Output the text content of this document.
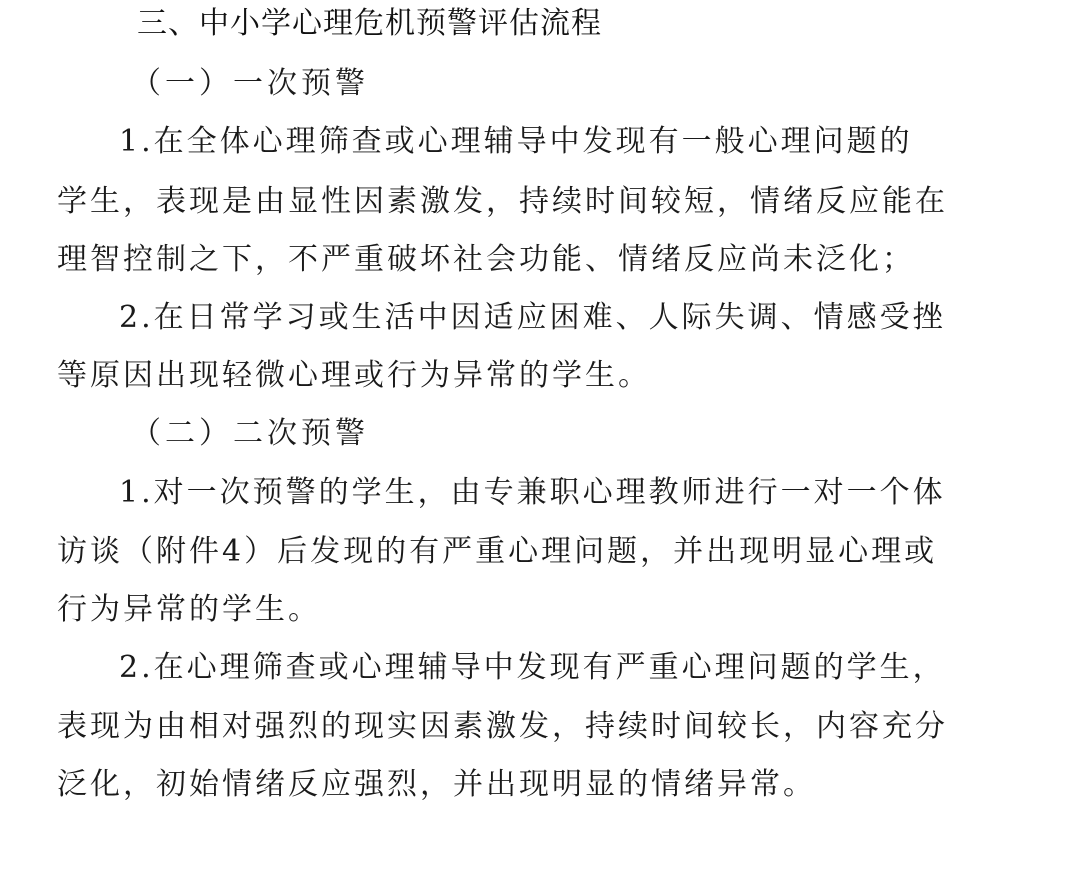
三、中小学心理危机预警评估流程
（一）一次预警
1.在全体心理筛查或心理辅导中发现有一般心理问题的
学生，表现是由显性因素激发，持续时间较短，情绪反应能在
理智控制之下，不严重破坏社会功能、情绪反应尚未泛化；
2.在日常学习或生活中因适应困难、人际失调、情感受挫
等原因出现轻微心理或行为异常的学生。
（二）二次预警
1.对一次预警的学生，由专兼职心理教师进行一对一个体
访谈（附件4）后发现的有严重心理问题，并出现明显心理或
行为异常的学生。
2.在心理筛查或心理辅导中发现有严重心理问题的学生，
表现为由相对强烈的现实因素激发，持续时间较长，内容充分
泛化，初始情绪反应强烈，并出现明显的情绪异常。
